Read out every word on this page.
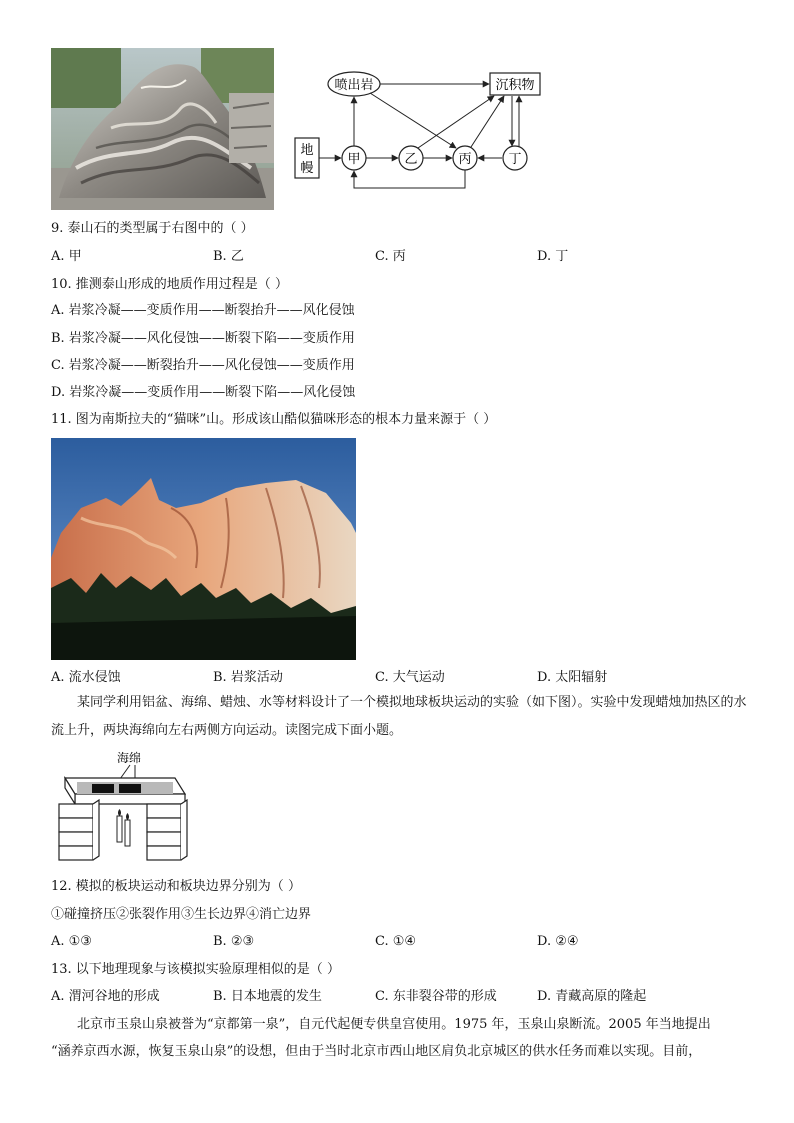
喷出岩	沉积物
地
幔
甲	乙	丙	丁
9. 泰山石的类型属于右图中的（ ）
A. 甲	B. 乙	C. 丙	D. 丁
10. 推测泰山形成的地质作用过程是（ ）
A. 岩浆冷凝——变质作用——断裂抬升——风化侵蚀
B. 岩浆冷凝——风化侵蚀——断裂下陷——变质作用
C. 岩浆冷凝——断裂抬升——风化侵蚀——变质作用
D. 岩浆冷凝——变质作用——断裂下陷——风化侵蚀
11. 图为南斯拉夫的“猫咪”山。形成该山酷似猫咪形态的根本力量来源于（ ）
A. 流水侵蚀	B. 岩浆活动	C. 大气运动	D. 太阳辐射
某同学利用铝盆、海绵、蜡烛、水等材料设计了一个模拟地球板块运动的实验（如下图）。实验中发现蜡烛加热区的水流上升，两块海绵向左右两侧方向运动。读图完成下面小题。
海绵
12. 模拟的板块运动和板块边界分别为（ ）
①碰撞挤压②张裂作用③生长边界④消亡边界
A. ①③	B. ②③	C. ①④	D. ②④
13. 以下地理现象与该模拟实验原理相似的是（ ）
A. 渭河谷地的形成	B. 日本地震的发生	C. 东非裂谷带的形成	D. 青藏高原的隆起
北京市玉泉山泉被誉为“京都第一泉”，自元代起便专供皇宫使用。1975 年，玉泉山泉断流。2005 年当地提出
“涵养京西水源，恢复玉泉山泉”的设想，但由于当时北京市西山地区肩负北京城区的供水任务而难以实现。目前，
